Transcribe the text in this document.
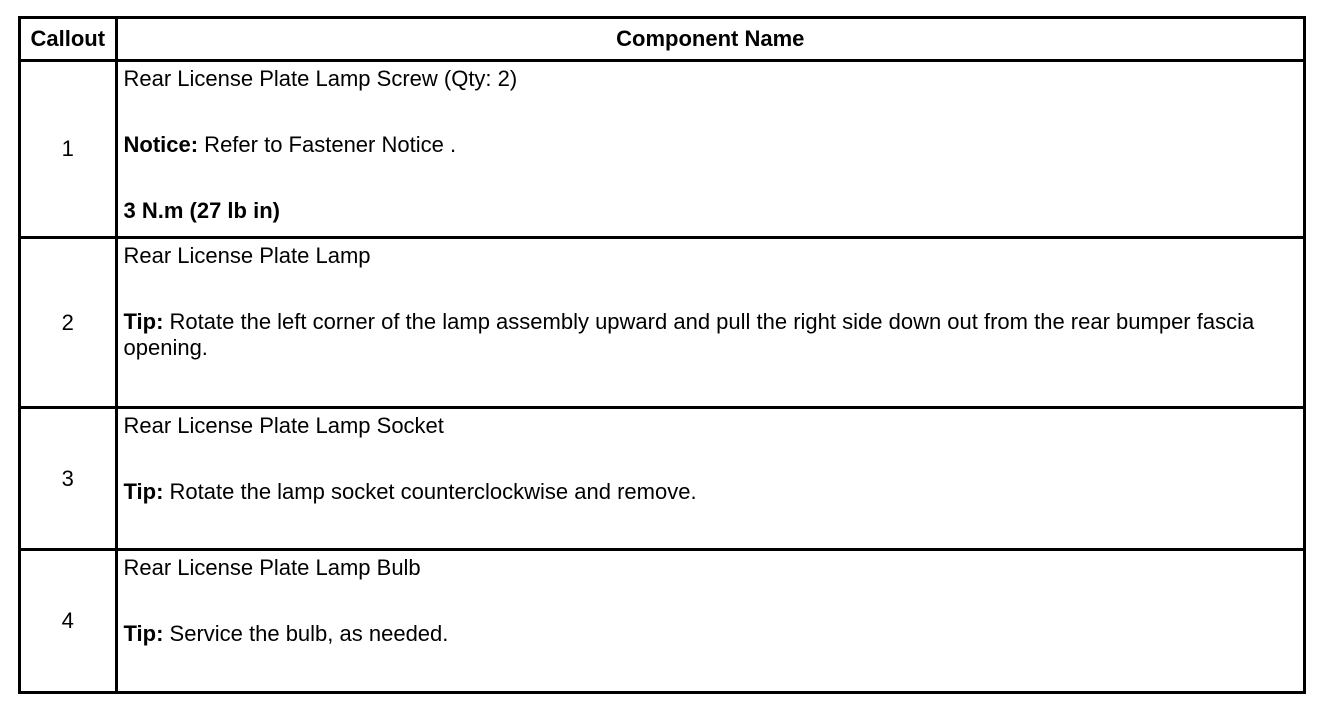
Callout	Component Name
1	Rear License Plate Lamp Screw (Qty: 2)
Notice: Refer to Fastener Notice .
3 N.m (27 lb in)

2	Rear License Plate Lamp
Tip: Rotate the left corner of the lamp assembly upward and pull the right side down out from the rear bumper fascia opening.

3	Rear License Plate Lamp Socket
Tip: Rotate the lamp socket counterclockwise and remove.

4	Rear License Plate Lamp Bulb
Tip: Service the bulb, as needed.
